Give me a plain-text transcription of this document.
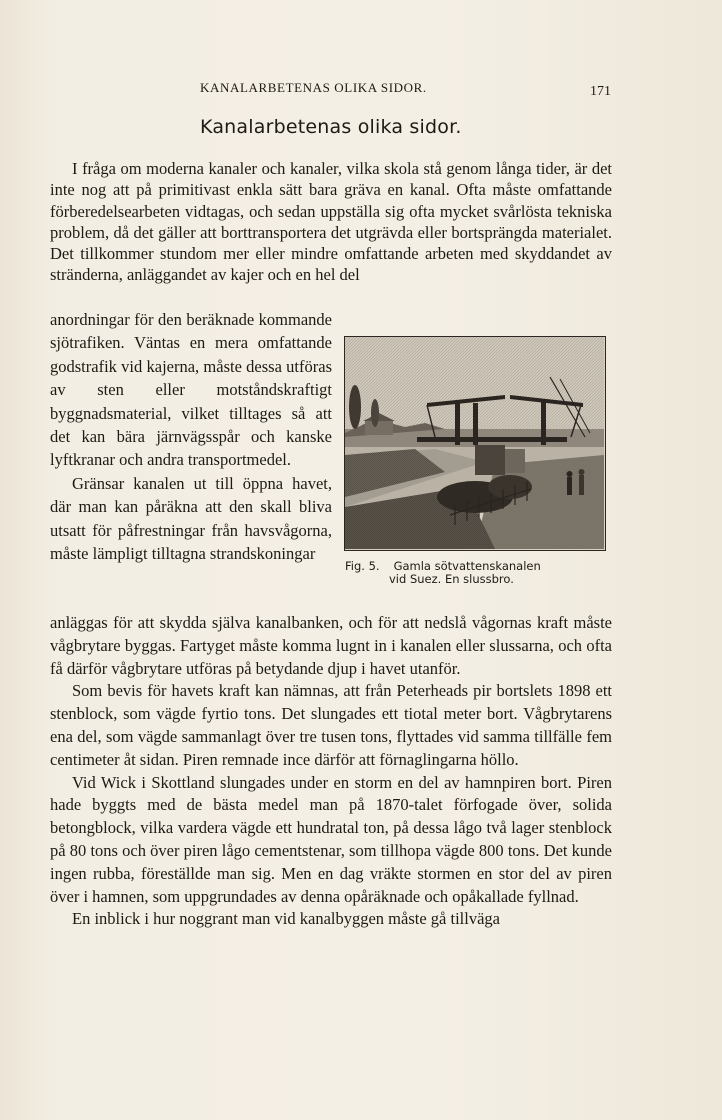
KANALARBETENAS OLIKA SIDOR.	171
Kanalarbetenas olika sidor.

I fråga om moderna kanaler och kanaler, vilka skola stå genom långa tider, är det inte nog att på primitivast enkla sätt bara gräva en kanal. Ofta måste omfattande förberedelsearbeten vidtagas, och sedan uppställa sig ofta mycket svårlösta tekniska problem, då det gäller att borttransportera det utgrävda eller bortsprängda materialet. Det tillkommer stundom mer eller mindre omfattande arbeten med skyddandet av stränderna, anläggandet av kajer och en hel del

anordningar för den beräknade kommande sjötrafiken. Väntas en mera omfattande godstrafik vid kajerna, måste dessa utföras av sten eller motståndskraftigt byggnadsmaterial, vilket tilltages så att det kan bära järnvägsspår och kanske lyftkranar och andra transportmedel.

Gränsar kanalen ut till öppna havet, där man kan påräkna att den skall bliva utsatt för påfrestningar från havsvågorna, måste lämpligt tilltagna strandskoningar

Fig. 5. Gamla sötvattenskanalen
vid Suez. En slussbro.

anläggas för att skydda själva kanalbanken, och för att nedslå vågornas kraft måste vågbrytare byggas. Fartyget måste komma lugnt in i kanalen eller slussarna, och ofta få därför vågbrytare utföras på betydande djup i havet utanför.

Som bevis för havets kraft kan nämnas, att från Peterheads pir bortslets 1898 ett stenblock, som vägde fyrtio tons. Det slungades ett tiotal meter bort. Vågbrytarens ena del, som vägde sammanlagt över tre tusen tons, flyttades vid samma tillfälle fem centimeter åt sidan. Piren remnade ince därför att förnaglingarna höllo.

Vid Wick i Skottland slungades under en storm en del av hamnpiren bort. Piren hade byggts med de bästa medel man på 1870-talet förfogade över, solida betongblock, vilka vardera vägde ett hundratal ton, på dessa lågo två lager stenblock på 80 tons och över piren lågo cementstenar, som tillhopa vägde 800 tons. Det kunde ingen rubba, föreställde man sig. Men en dag vräkte stormen en stor del av piren över i hamnen, som uppgrundades av denna opåräknade och opåkallade fyllnad.

En inblick i hur noggrant man vid kanalbyggen måste gå tillväga
